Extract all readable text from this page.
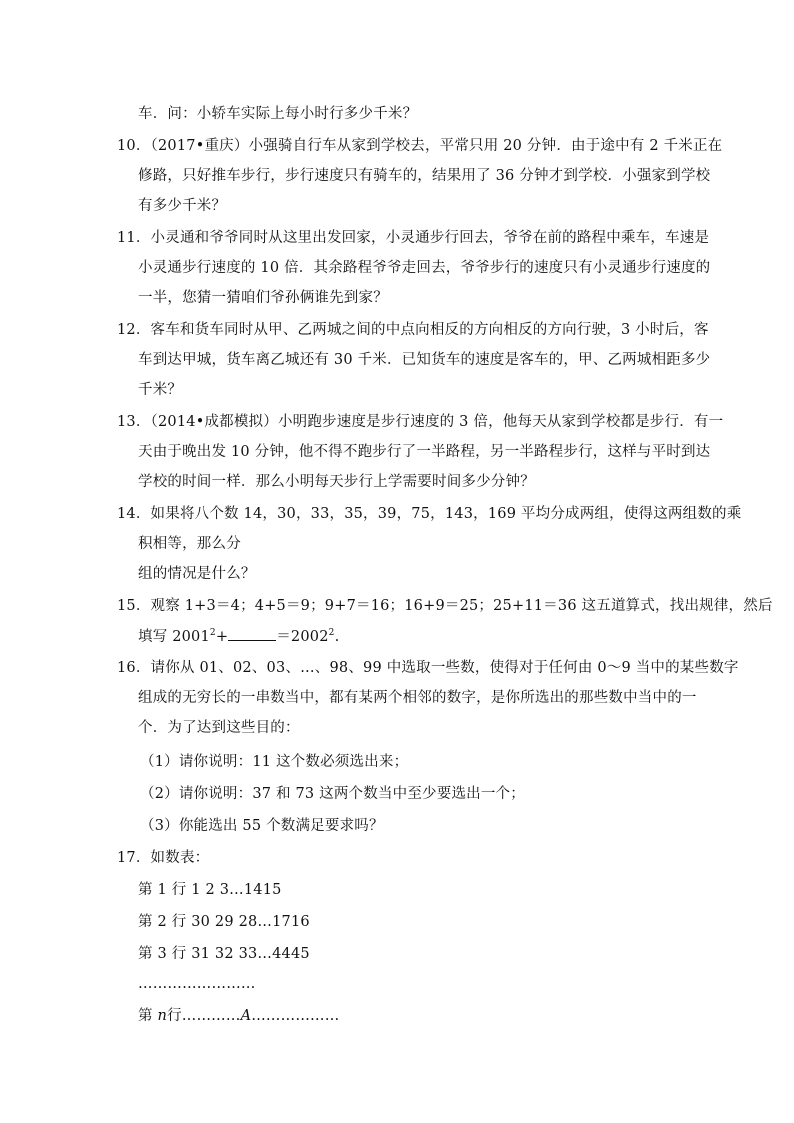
车．问：小轿车实际上每小时行多少千米？
10．（2017•重庆）小强骑自行车从家到学校去，平常只用 20 分钟．由于途中有 2 千米正在
修路，只好推车步行，步行速度只有骑车的，结果用了 36 分钟才到学校．小强家到学校
有多少千米？
11．小灵通和爷爷同时从这里出发回家，小灵通步行回去，爷爷在前的路程中乘车，车速是
小灵通步行速度的 10 倍．其余路程爷爷走回去，爷爷步行的速度只有小灵通步行速度的
一半，您猜一猜咱们爷孙俩谁先到家？
12．客车和货车同时从甲、乙两城之间的中点向相反的方向相反的方向行驶，3 小时后，客
车到达甲城，货车离乙城还有 30 千米．已知货车的速度是客车的，甲、乙两城相距多少
千米？
13．（2014•成都模拟）小明跑步速度是步行速度的 3 倍，他每天从家到学校都是步行．有一
天由于晚出发 10 分钟，他不得不跑步行了一半路程，另一半路程步行，这样与平时到达
学校的时间一样．那么小明每天步行上学需要时间多少分钟？
14．如果将八个数 14，30，33，35，39，75，143，169 平均分成两组，使得这两组数的乘
积相等，那么分
组的情况是什么？
15．观察 1+3＝4；4+5＝9；9+7＝16；16+9＝25；25+11＝36 这五道算式，找出规律，然后
填写 $2001^2+$	$=2002^2$.
16．请你从 01、02、03、…、98、99 中选取一些数，使得对于任何由 0～9 当中的某些数字
组成的无穷长的一串数当中，都有某两个相邻的数字，是你所选出的那些数中当中的一
个．为了达到这些目的：
（1）请你说明：11 这个数必须选出来；
（2）请你说明：37 和 73 这两个数当中至少要选出一个；
（3）你能选出 55 个数满足要求吗？
17．如数表：
第 1 行 1 2 3…1415
第 2 行 30 29 28…1716
第 3 行 31 32 33…4445
……………………
第 n行…………A………………
